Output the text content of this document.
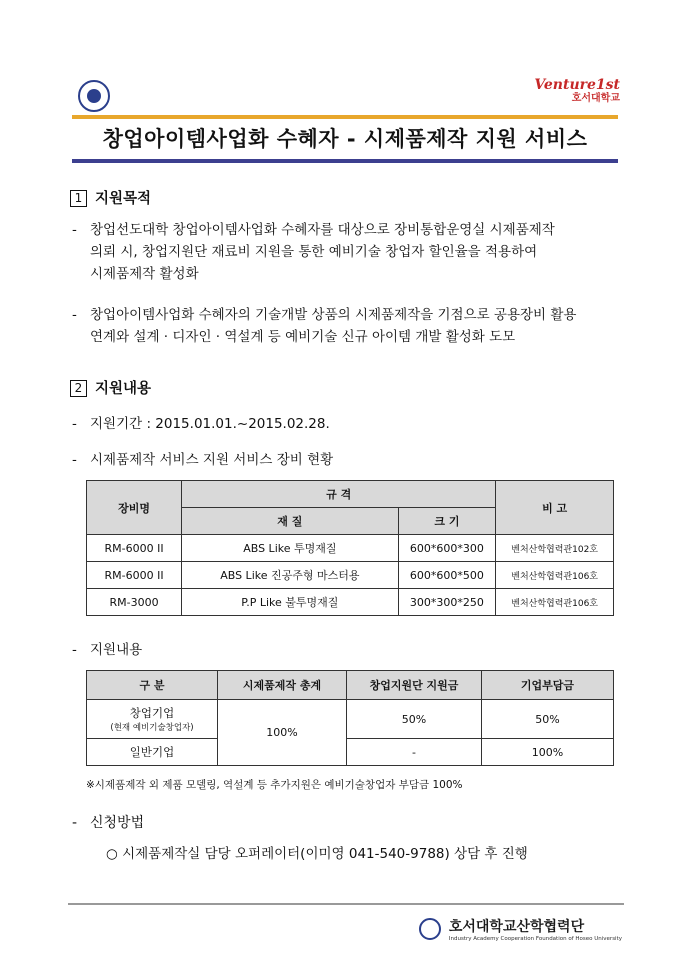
Venture1st
호서대학교
창업아이템사업화 수혜자 - 시제품제작 지원 서비스
1 지원목적
- 창업선도대학 창업아이템사업화 수혜자를 대상으로 장비통합운영실 시제품제작
의뢰 시, 창업지원단 재료비 지원을 통한 예비기술 창업자 할인율을 적용하여
시제품제작 활성화
- 창업아이템사업화 수혜자의 기술개발 상품의 시제품제작을 기점으로 공용장비 활용
연계와 설계 · 디자인 · 역설계 등 예비기술 신규 아이템 개발 활성화 도모
2 지원내용
- 지원기간 : 2015.01.01.~2015.02.28.
- 시제품제작 서비스 지원 서비스 장비 현황
장비명	규 격		비 고
	재 질	크 기	
RM-6000 II	ABS Like 투명재질	600*600*300	벤처산학협력관102호
RM-6000 II	ABS Like 진공주형 마스터용	600*600*500	벤처산학협력관106호
RM-3000	P.P Like 불투명재질	300*300*250	벤처산학협력관106호
- 지원내용
구 분	시제품제작 총계	창업지원단 지원금	기업부담금

창업기업
(현재 예비기술창업자)	100%	50%	50%
일반기업		-	100%
※시제품제작 외 제품 모델링, 역설계 등 추가지원은 예비기술창업자 부담금 100%
- 신청방법
○ 시제품제작실 담당 오퍼레이터(이미영 041-540-9788) 상담 후 진행
호서대학교산학협력단
Industry Academy Cooperation Foundation of Hoseo University
